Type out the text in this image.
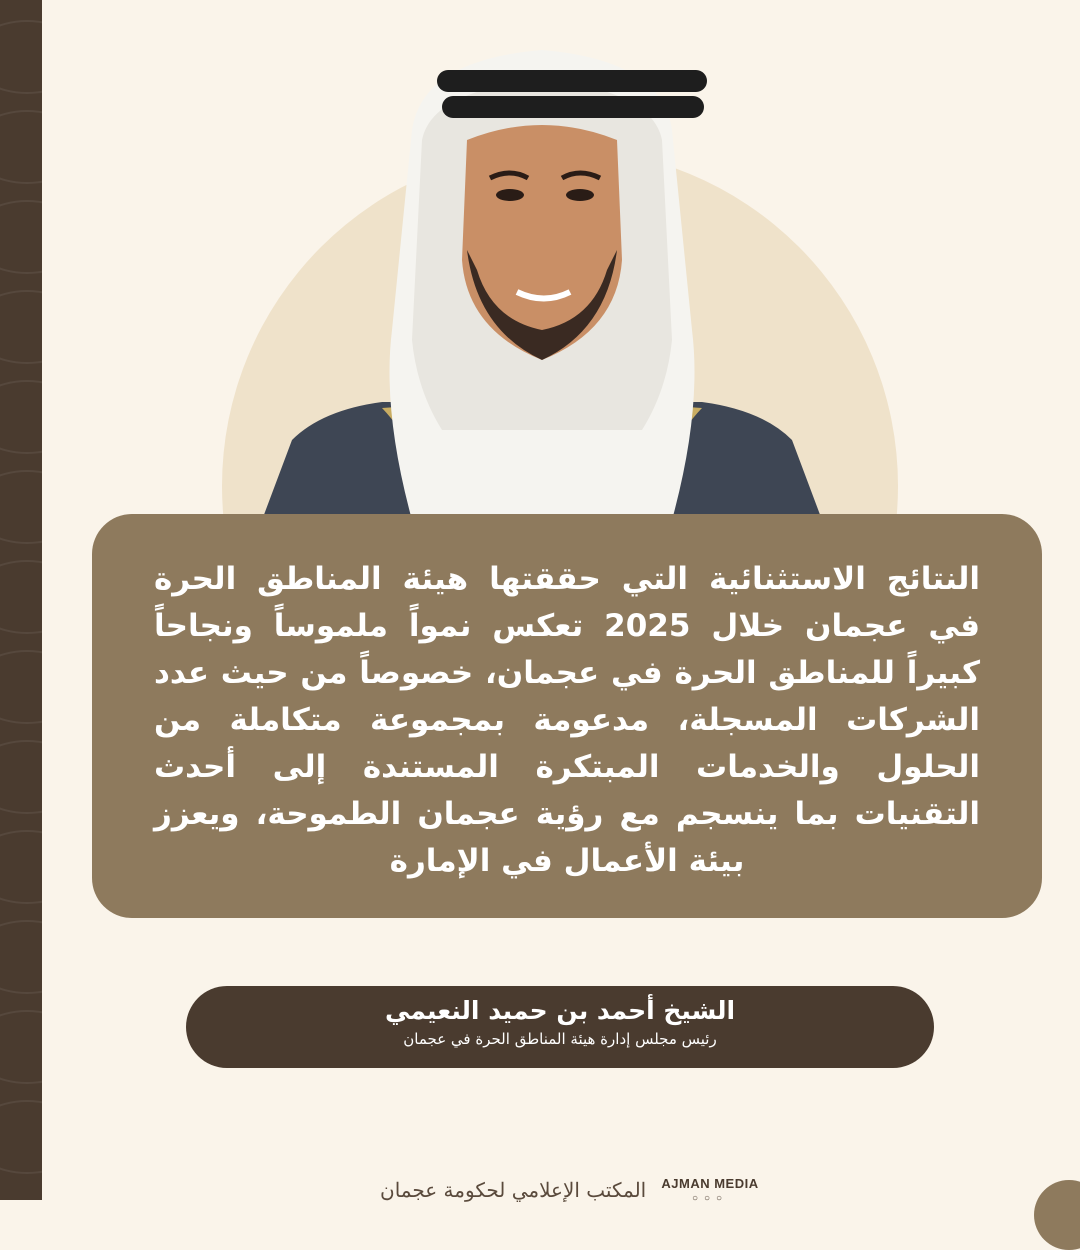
النتائج الاستثنائية التي حققتها هيئة المناطق الحرة في عجمان خلال 2025 تعكس نمواً ملموساً ونجاحاً كبيراً للمناطق الحرة في عجمان، خصوصاً من حيث عدد الشركات المسجلة، مدعومة بمجموعة متكاملة من الحلول والخدمات المبتكرة المستندة إلى أحدث التقنيات بما ينسجم مع رؤية عجمان الطموحة، ويعزز بيئة الأعمال في الإمارة

الشيخ أحمد بن حميد النعيمي
رئيس مجلس إدارة هيئة المناطق الحرة في عجمان
المكتب الإعلامي لحكومة عجمان AJMAN MEDIA
○○○
